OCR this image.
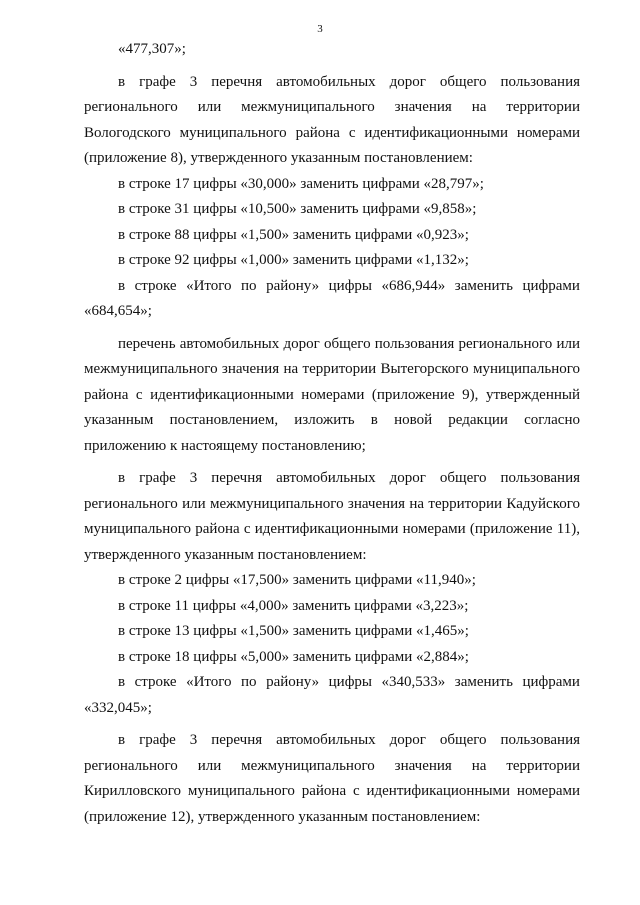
3

«477,307»;

в графе 3 перечня автомобильных дорог общего пользования регионального или межмуниципального значения на территории Вологодского муниципального района с идентификационными номерами (приложение 8), утвержденного указанным постановлением:

в строке 17 цифры «30,000» заменить цифрами «28,797»;

в строке 31 цифры «10,500» заменить цифрами «9,858»;

в строке 88 цифры «1,500» заменить цифрами «0,923»;

в строке 92 цифры «1,000» заменить цифрами «1,132»;

в строке «Итого по району» цифры «686,944» заменить цифрами

«684,654»;

перечень автомобильных дорог общего пользования регионального или межмуниципального значения на территории Вытегорского муниципального района с идентификационными номерами (приложение 9), утвержденный указанным постановлением, изложить в новой редакции согласно приложению к настоящему постановлению;

в графе 3 перечня автомобильных дорог общего пользования регионального или межмуниципального значения на территории Кадуйского муниципального района с идентификационными номерами (приложение 11), утвержденного указанным постановлением:

в строке 2 цифры «17,500» заменить цифрами «11,940»;

в строке 11 цифры «4,000» заменить цифрами «3,223»;

в строке 13 цифры «1,500» заменить цифрами «1,465»;

в строке 18 цифры «5,000» заменить цифрами «2,884»;

в строке «Итого по району» цифры «340,533» заменить цифрами

«332,045»;

в графе 3 перечня автомобильных дорог общего пользования регионального или межмуниципального значения на территории Кирилловского муниципального района с идентификационными номерами (приложение 12), утвержденного указанным постановлением:
